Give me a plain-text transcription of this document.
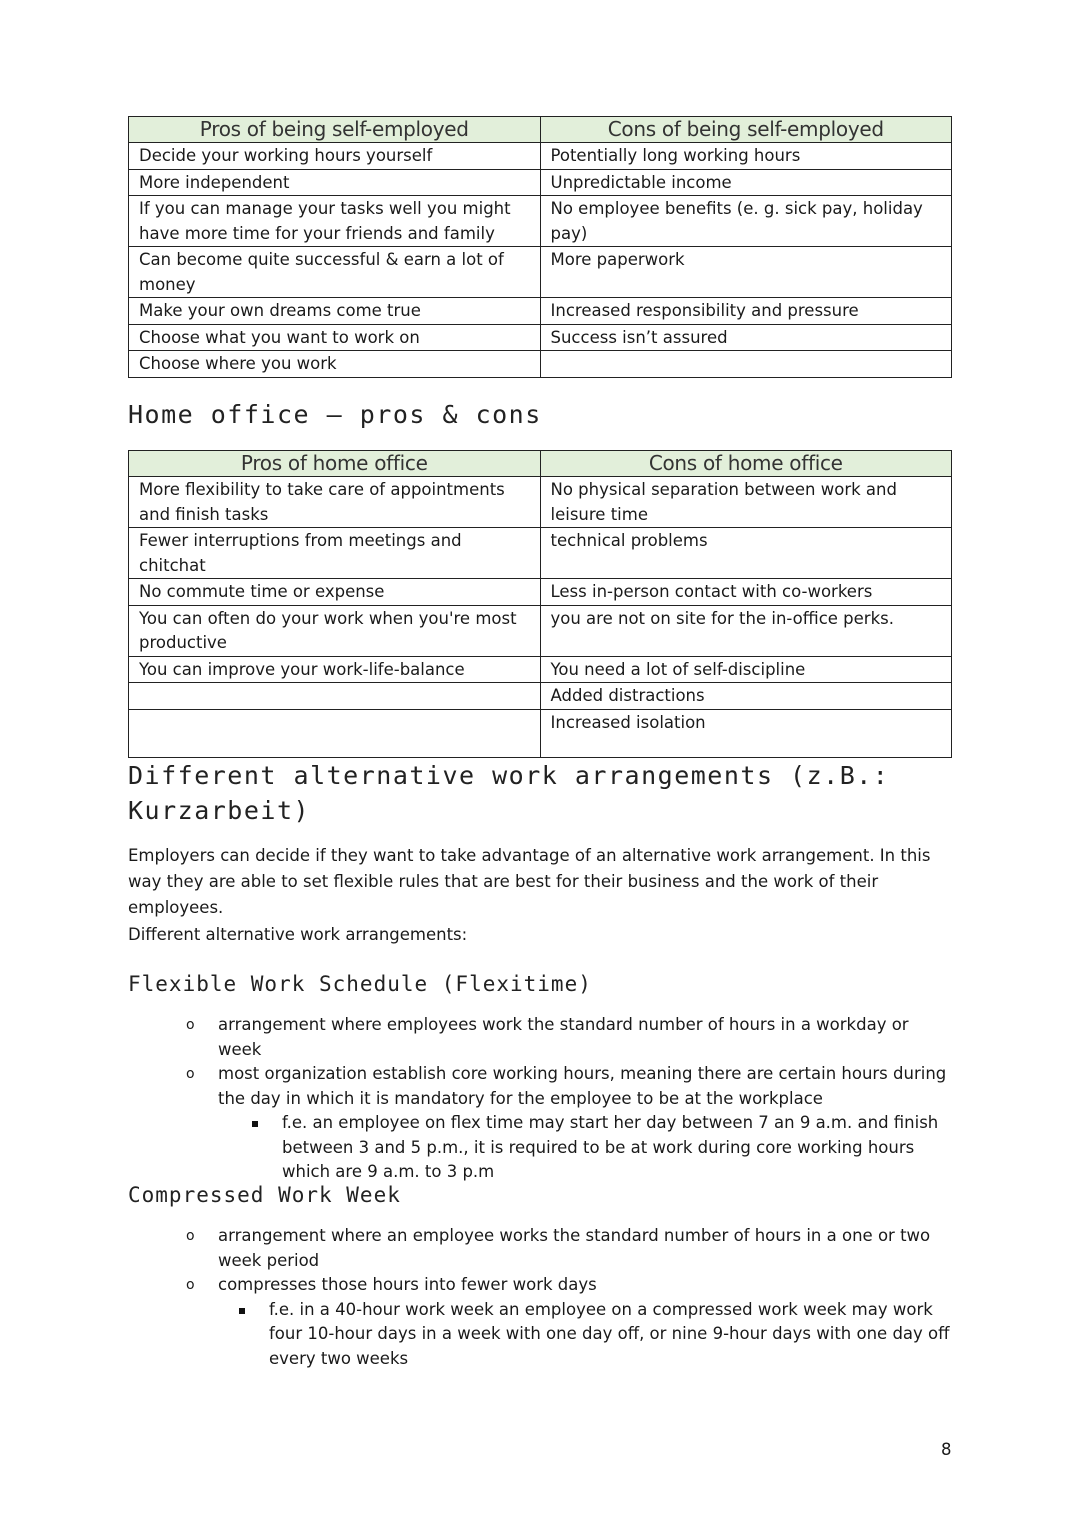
Pros of being self-employed	Cons of being self-employed
Decide your working hours yourself	Potentially long working hours
More independent	Unpredictable income
If you can manage your tasks well you might have more time for your friends and family	No employee benefits (e. g. sick pay, holiday pay)
Can become quite successful & earn a lot of money	More paperwork
Make your own dreams come true	Increased responsibility and pressure
Choose what you want to work on	Success isn’t assured
Choose where you work	
Home office – pros & cons
Pros of home office	Cons of home office
More flexibility to take care of appointments and finish tasks	No physical separation between work and leisure time
Fewer interruptions from meetings and chitchat	technical problems
No commute time or expense	Less in-person contact with co-workers
You can often do your work when you're most productive	you are not on site for the in-office perks.
You can improve your work-life-balance	You need a lot of self-discipline
	Added distractions
	Increased isolation
Different alternative work arrangements (z.B.:
Kurzarbeit)

Employers can decide if they want to take advantage of an alternative work arrangement. In this way they are able to set flexible rules that are best for their business and the work of their employees.

Different alternative work arrangements:

Flexible Work Schedule (Flexitime)
o arrangement where employees work the standard number of hours in a workday or week
o most organization establish core working hours, meaning there are certain hours during the day in which it is mandatory for the employee to be at the workplace
f.e. an employee on flex time may start her day between 7 an 9 a.m. and finish between 3 and 5 p.m., it is required to be at work during core working hours which are 9 a.m. to 3 p.m
Compressed Work Week
o arrangement where an employee works the standard number of hours in a one or two week period
o compresses those hours into fewer work days
f.e. in a 40-hour work week an employee on a compressed work week may work four 10-hour days in a week with one day off, or nine 9-hour days with one day off every two weeks
8
